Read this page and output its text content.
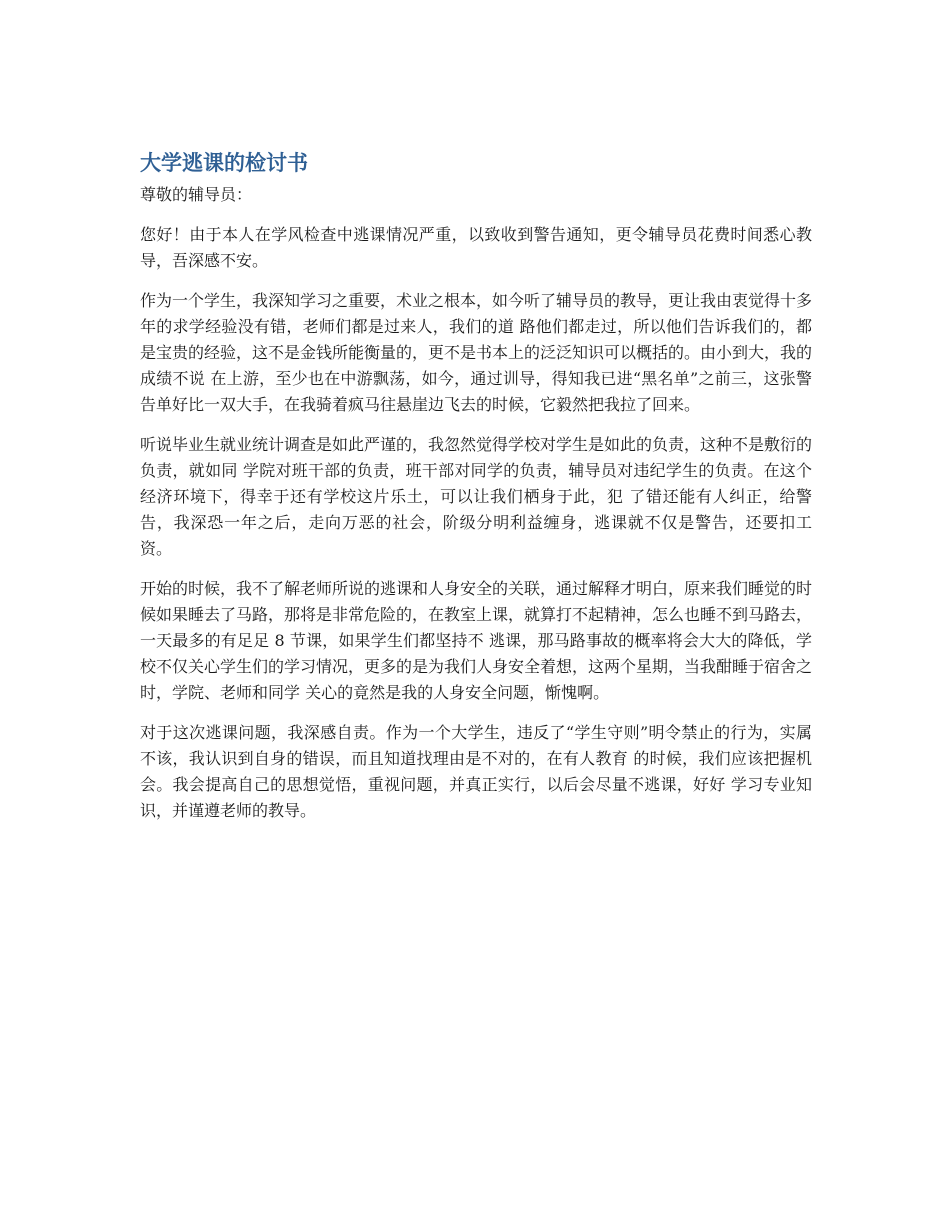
大学逃课的检讨书

尊敬的辅导员：

您好！由于本人在学风检查中逃课情况严重，以致收到警告通知，更令辅导员花费时间悉心教导，吾深感不安。

作为一个学生，我深知学习之重要，术业之根本，如今听了辅导员的教导，更让我由衷觉得十多年的求学经验没有错，老师们都是过来人，我们的道 路他们都走过，所以他们告诉我们的，都是宝贵的经验，这不是金钱所能衡量的，更不是书本上的泛泛知识可以概括的。由小到大，我的成绩不说 在上游，至少也在中游飘荡，如今，通过训导，得知我已进“黑名单”之前三，这张警告单好比一双大手，在我骑着疯马往悬崖边飞去的时候，它毅然把我拉了回来。

听说毕业生就业统计调查是如此严谨的，我忽然觉得学校对学生是如此的负责，这种不是敷衍的负责，就如同 学院对班干部的负责，班干部对同学的负责，辅导员对违纪学生的负责。在这个经济环境下，得幸于还有学校这片乐土，可以让我们栖身于此，犯 了错还能有人纠正，给警告，我深恐一年之后，走向万恶的社会，阶级分明利益缠身，逃课就不仅是警告，还要扣工 资。

开始的时候，我不了解老师所说的逃课和人身安全的关联，通过解释才明白，原来我们睡觉的时候如果睡去了马路，那将是非常危险的，在教室上课，就算打不起精神，怎么也睡不到马路去，一天最多的有足足 8 节课，如果学生们都坚持不 逃课，那马路事故的概率将会大大的降低，学校不仅关心学生们的学习情况，更多的是为我们人身安全着想，这两个星期，当我酣睡于宿舍之时，学院、老师和同学 关心的竟然是我的人身安全问题，惭愧啊。

对于这次逃课问题，我深感自责。作为一个大学生，违反了“学生守则”明令禁止的行为，实属不该，我认识到自身的错误，而且知道找理由是不对的，在有人教育 的时候，我们应该把握机会。我会提高自己的思想觉悟，重视问题，并真正实行，以后会尽量不逃课，好好 学习专业知识，并谨遵老师的教导。
